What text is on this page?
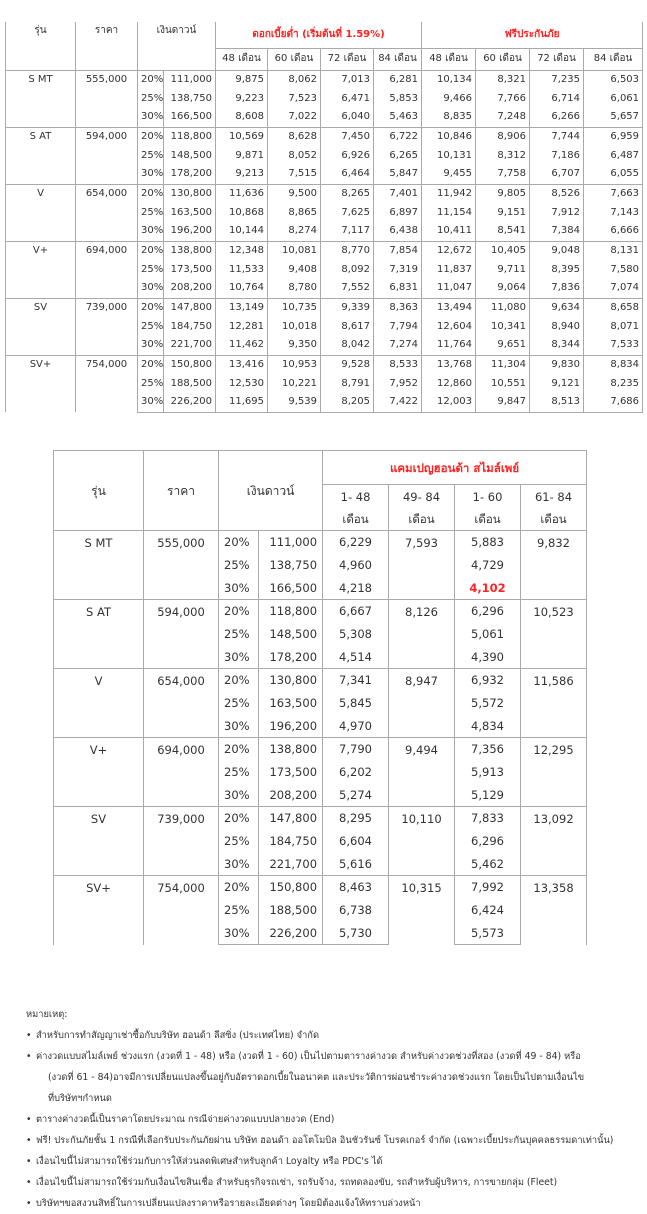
รุ่น	ราคา	เงินดาวน์		ดอกเบี้ยต่ำ (เริ่มต้นที่ 1.59%)				ฟรีประกันภัย			
				48 เดือน	60 เดือน	72 เดือน	84 เดือน	48 เดือน	60 เดือน	72 เดือน	84 เดือน
S MT	555,000	20%	111,000	9,875	8,062	7,013	6,281	10,134	8,321	7,235	6,503
		25%	138,750	9,223	7,523	6,471	5,853	9,466	7,766	6,714	6,061
		30%	166,500	8,608	7,022	6,040	5,463	8,835	7,248	6,266	5,657
S AT	594,000	20%	118,800	10,569	8,628	7,450	6,722	10,846	8,906	7,744	6,959
		25%	148,500	9,871	8,052	6,926	6,265	10,131	8,312	7,186	6,487
		30%	178,200	9,213	7,515	6,464	5,847	9,455	7,758	6,707	6,055
V	654,000	20%	130,800	11,636	9,500	8,265	7,401	11,942	9,805	8,526	7,663
		25%	163,500	10,868	8,865	7,625	6,897	11,154	9,151	7,912	7,143
		30%	196,200	10,144	8,274	7,117	6,438	10,411	8,541	7,384	6,666
V+	694,000	20%	138,800	12,348	10,081	8,770	7,854	12,672	10,405	9,048	8,131
		25%	173,500	11,533	9,408	8,092	7,319	11,837	9,711	8,395	7,580
		30%	208,200	10,764	8,780	7,552	6,831	11,047	9,064	7,836	7,074
SV	739,000	20%	147,800	13,149	10,735	9,339	8,363	13,494	11,080	9,634	8,658
		25%	184,750	12,281	10,018	8,617	7,794	12,604	10,341	8,940	8,071
		30%	221,700	11,462	9,350	8,042	7,274	11,764	9,651	8,344	7,533
SV+	754,000	20%	150,800	13,416	10,953	9,528	8,533	13,768	11,304	9,830	8,834
		25%	188,500	12,530	10,221	8,791	7,952	12,860	10,551	9,121	8,235
		30%	226,200	11,695	9,539	8,205	7,422	12,003	9,847	8,513	7,686
รุ่น	ราคา	เงินดาวน์		แคมเปญฮอนด้า สไมล์เพย์			
				1- 48 เดือน	49- 84 เดือน	1- 60 เดือน	61- 84 เดือน
S MT	555,000	20%	111,000	6,229	7,593	5,883	9,832
		25%	138,750	4,960		4,729	
		30%	166,500	4,218		4,102	
S AT	594,000	20%	118,800	6,667	8,126	6,296	10,523
		25%	148,500	5,308		5,061	
		30%	178,200	4,514		4,390	
V	654,000	20%	130,800	7,341	8,947	6,932	11,586
		25%	163,500	5,845		5,572	
		30%	196,200	4,970		4,834	
V+	694,000	20%	138,800	7,790	9,494	7,356	12,295
		25%	173,500	6,202		5,913	
		30%	208,200	5,274		5,129	
SV	739,000	20%	147,800	8,295	10,110	7,833	13,092
		25%	184,750	6,604		6,296	
		30%	221,700	5,616		5,462	
SV+	754,000	20%	150,800	8,463	10,315	7,992	13,358
		25%	188,500	6,738		6,424	
		30%	226,200	5,730		5,573	
หมายเหตุ:
• สำหรับการทำสัญญาเช่าซื้อกับบริษัท ฮอนด้า ลีสซิ่ง (ประเทศไทย) จำกัด
• ค่างวดแบบสไมล์เพย์ ช่วงแรก (งวดที่ 1 - 48) หรือ (งวดที่ 1 - 60) เป็นไปตามตารางค่างวด สำหรับค่างวดช่วงที่สอง (งวดที่ 49 - 84) หรือ
(งวดที่ 61 - 84)อาจมีการเปลี่ยนแปลงขึ้นอยู่กับอัตราดอกเบี้ยในอนาคต และประวัติการผ่อนชำระค่างวดช่วงแรก โดยเป็นไปตามเงื่อนไข
ที่บริษัทฯกำหนด
• ตารางค่างวดนี้เป็นราคาโดยประมาณ กรณีจ่ายค่างวดแบบปลายงวด (End)
• ฟรี! ประกันภัยชั้น 1 กรณีที่เลือกรับประกันภัยผ่าน บริษัท ฮอนด้า ออโตโมบิล อินชัวรันซ์ โบรคเกอร์ จำกัด (เฉพาะเบี้ยประกันบุคคลธรรมดาเท่านั้น)
• เงื่อนไขนี้ไม่สามารถใช้ร่วมกับการให้ส่วนลดพิเศษสำหรับลูกค้า Loyalty หรือ PDC's ได้
• เงื่อนไขนี้ไม่สามารถใช้ร่วมกับเงื่อนไขสินเชื่อ สำหรับธุรกิจรถเช่า, รถรับจ้าง, รถทดลองขับ, รถสำหรับผู้บริหาร, การขายกลุ่ม (Fleet)
• บริษัทฯขอสงวนสิทธิ์ในการเปลี่ยนแปลงราคาหรือรายละเอียดต่างๆ โดยมิต้องแจ้งให้ทราบล่วงหน้า
